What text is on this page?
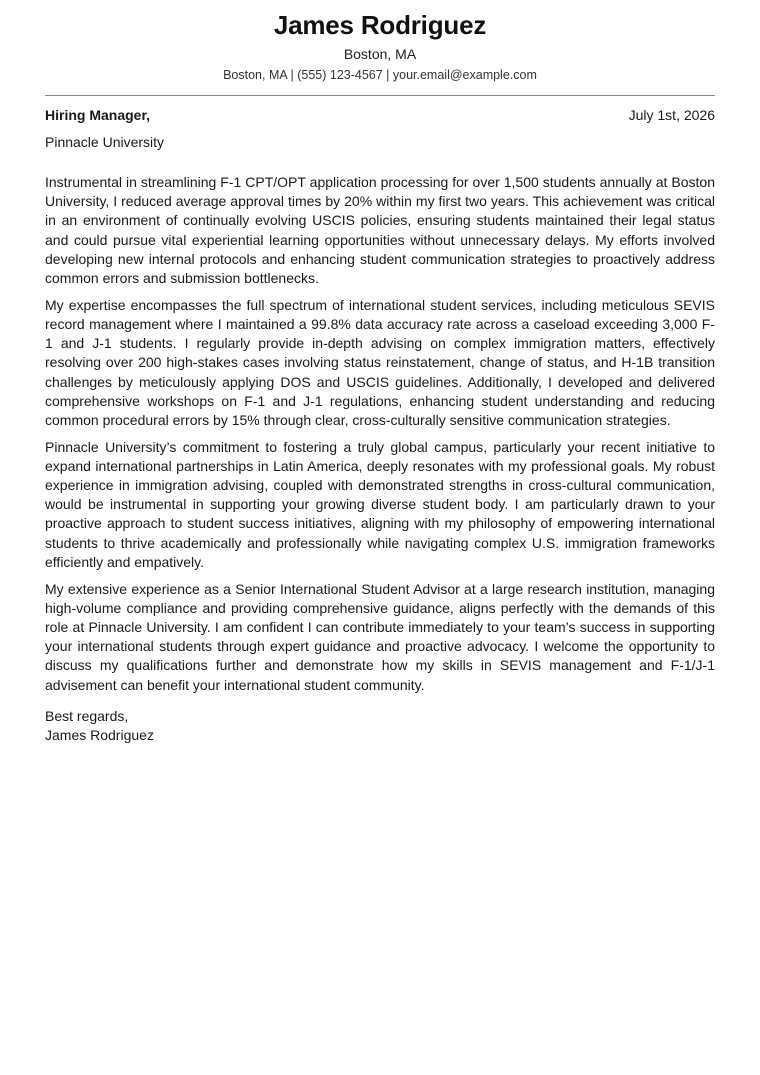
James Rodriguez
Boston, MA
Boston, MA | (555) 123-4567 | your.email@example.com
Hiring Manager,	July 1st, 2026
Pinnacle University

Instrumental in streamlining F-1 CPT/OPT application processing for over 1,500 students annually at Boston University, I reduced average approval times by 20% within my first two years. This achievement was critical in an environment of continually evolving USCIS policies, ensuring students maintained their legal status and could pursue vital experiential learning opportunities without unnecessary delays. My efforts involved developing new internal protocols and enhancing student communication strategies to proactively address common errors and submission bottlenecks.

My expertise encompasses the full spectrum of international student services, including meticulous SEVIS record management where I maintained a 99.8% data accuracy rate across a caseload exceeding 3,000 F-1 and J-1 students. I regularly provide in-depth advising on complex immigration matters, effectively resolving over 200 high-stakes cases involving status reinstatement, change of status, and H-1B transition challenges by meticulously applying DOS and USCIS guidelines. Additionally, I developed and delivered comprehensive workshops on F-1 and J-1 regulations, enhancing student understanding and reducing common procedural errors by 15% through clear, cross-culturally sensitive communication strategies.

Pinnacle University’s commitment to fostering a truly global campus, particularly your recent initiative to expand international partnerships in Latin America, deeply resonates with my professional goals. My robust experience in immigration advising, coupled with demonstrated strengths in cross-cultural communication, would be instrumental in supporting your growing diverse student body. I am particularly drawn to your proactive approach to student success initiatives, aligning with my philosophy of empowering international students to thrive academically and professionally while navigating complex U.S. immigration frameworks efficiently and empatively.

My extensive experience as a Senior International Student Advisor at a large research institution, managing high-volume compliance and providing comprehensive guidance, aligns perfectly with the demands of this role at Pinnacle University. I am confident I can contribute immediately to your team’s success in supporting your international students through expert guidance and proactive advocacy. I welcome the opportunity to discuss my qualifications further and demonstrate how my skills in SEVIS management and F-1/J-1 advisement can benefit your international student community.

Best regards,
James Rodriguez
